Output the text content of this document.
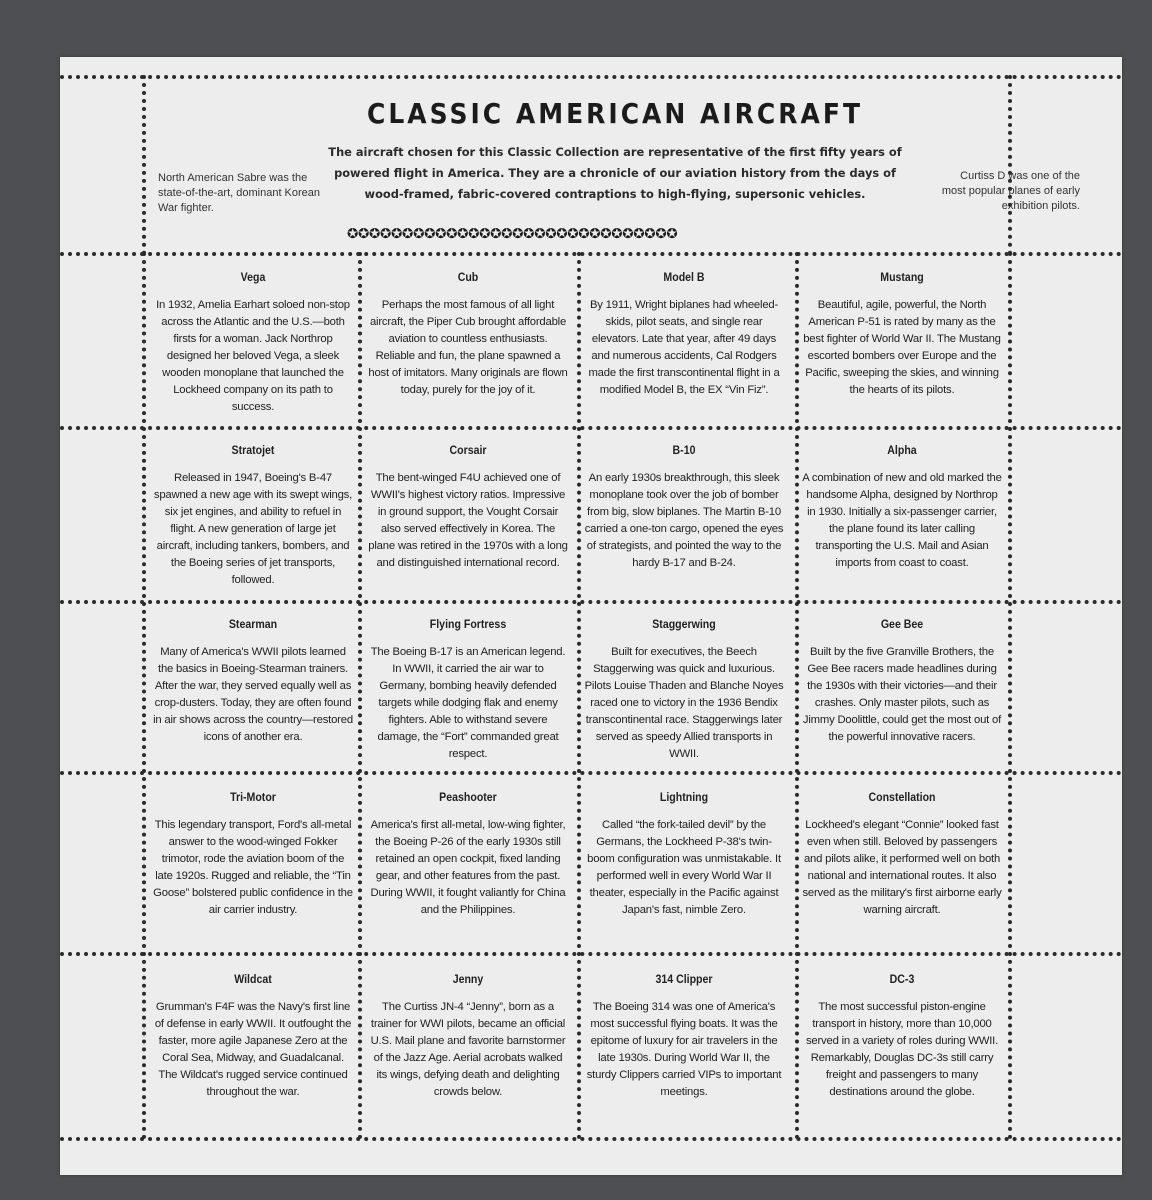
CLASSIC AMERICAN AIRCRAFT
The aircraft chosen for this Classic Collection are representative of the first fifty years of powered flight in America. They are a chronicle of our aviation history from the days of wood-framed, fabric-covered contraptions to high-flying, supersonic vehicles.
North American Sabre was the state-of-the-art, dominant Korean War fighter.
Curtiss D was one of the most popular planes of early exhibition pilots.
✪✪✪✪✪✪✪✪✪✪✪✪✪✪✪✪✪✪✪✪✪✪✪✪✪✪✪✪✪✪
Vega
In 1932, Amelia Earhart soloed non-stop across the Atlantic and the U.S.—both firsts for a woman. Jack Northrop designed her beloved Vega, a sleek wooden monoplane that launched the Lockheed company on its path to success.
Cub
Perhaps the most famous of all light aircraft, the Piper Cub brought affordable aviation to countless enthusiasts. Reliable and fun, the plane spawned a host of imitators. Many originals are flown today, purely for the joy of it.
Model B
By 1911, Wright biplanes had wheeled-skids, pilot seats, and single rear elevators. Late that year, after 49 days and numerous accidents, Cal Rodgers made the first transcontinental flight in a modified Model B, the EX “Vin Fiz”.
Mustang
Beautiful, agile, powerful, the North American P-51 is rated by many as the best fighter of World War II. The Mustang escorted bombers over Europe and the Pacific, sweeping the skies, and winning the hearts of its pilots.
Stratojet
Released in 1947, Boeing's B-47 spawned a new age with its swept wings, six jet engines, and ability to refuel in flight. A new generation of large jet aircraft, including tankers, bombers, and the Boeing series of jet transports, followed.
Corsair
The bent-winged F4U achieved one of WWII's highest victory ratios. Impressive in ground support, the Vought Corsair also served effectively in Korea. The plane was retired in the 1970s with a long and distinguished international record.
B-10
An early 1930s breakthrough, this sleek monoplane took over the job of bomber from big, slow biplanes. The Martin B-10 carried a one-ton cargo, opened the eyes of strategists, and pointed the way to the hardy B-17 and B-24.
Alpha
A combination of new and old marked the handsome Alpha, designed by Northrop in 1930. Initially a six-passenger carrier, the plane found its later calling transporting the U.S. Mail and Asian imports from coast to coast.
Stearman
Many of America's WWII pilots learned the basics in Boeing-Stearman trainers. After the war, they served equally well as crop-dusters. Today, they are often found in air shows across the country—restored icons of another era.
Flying Fortress
The Boeing B-17 is an American legend. In WWII, it carried the air war to Germany, bombing heavily defended targets while dodging flak and enemy fighters. Able to withstand severe damage, the “Fort” commanded great respect.
Staggerwing
Built for executives, the Beech Staggerwing was quick and luxurious. Pilots Louise Thaden and Blanche Noyes raced one to victory in the 1936 Bendix transcontinental race. Staggerwings later served as speedy Allied transports in WWII.
Gee Bee
Built by the five Granville Brothers, the Gee Bee racers made headlines during the 1930s with their victories—and their crashes. Only master pilots, such as Jimmy Doolittle, could get the most out of the powerful innovative racers.
Tri-Motor
This legendary transport, Ford's all-metal answer to the wood-winged Fokker trimotor, rode the aviation boom of the late 1920s. Rugged and reliable, the “Tin Goose” bolstered public confidence in the air carrier industry.
Peashooter
America's first all-metal, low-wing fighter, the Boeing P-26 of the early 1930s still retained an open cockpit, fixed landing gear, and other features from the past. During WWII, it fought valiantly for China and the Philippines.
Lightning
Called “the fork-tailed devil” by the Germans, the Lockheed P-38's twin-boom configuration was unmistakable. It performed well in every World War II theater, especially in the Pacific against Japan's fast, nimble Zero.
Constellation
Lockheed's elegant “Connie” looked fast even when still. Beloved by passengers and pilots alike, it performed well on both national and international routes. It also served as the military's first airborne early warning aircraft.
Wildcat
Grumman's F4F was the Navy's first line of defense in early WWII. It outfought the faster, more agile Japanese Zero at the Coral Sea, Midway, and Guadalcanal. The Wildcat's rugged service continued throughout the war.
Jenny
The Curtiss JN-4 “Jenny”, born as a trainer for WWI pilots, became an official U.S. Mail plane and favorite barnstormer of the Jazz Age. Aerial acrobats walked its wings, defying death and delighting crowds below.
314 Clipper
The Boeing 314 was one of America's most successful flying boats. It was the epitome of luxury for air travelers in the late 1930s. During World War II, the sturdy Clippers carried VIPs to important meetings.
DC-3
The most successful piston-engine transport in history, more than 10,000 served in a variety of roles during WWII. Remarkably, Douglas DC-3s still carry freight and passengers to many destinations around the globe.
